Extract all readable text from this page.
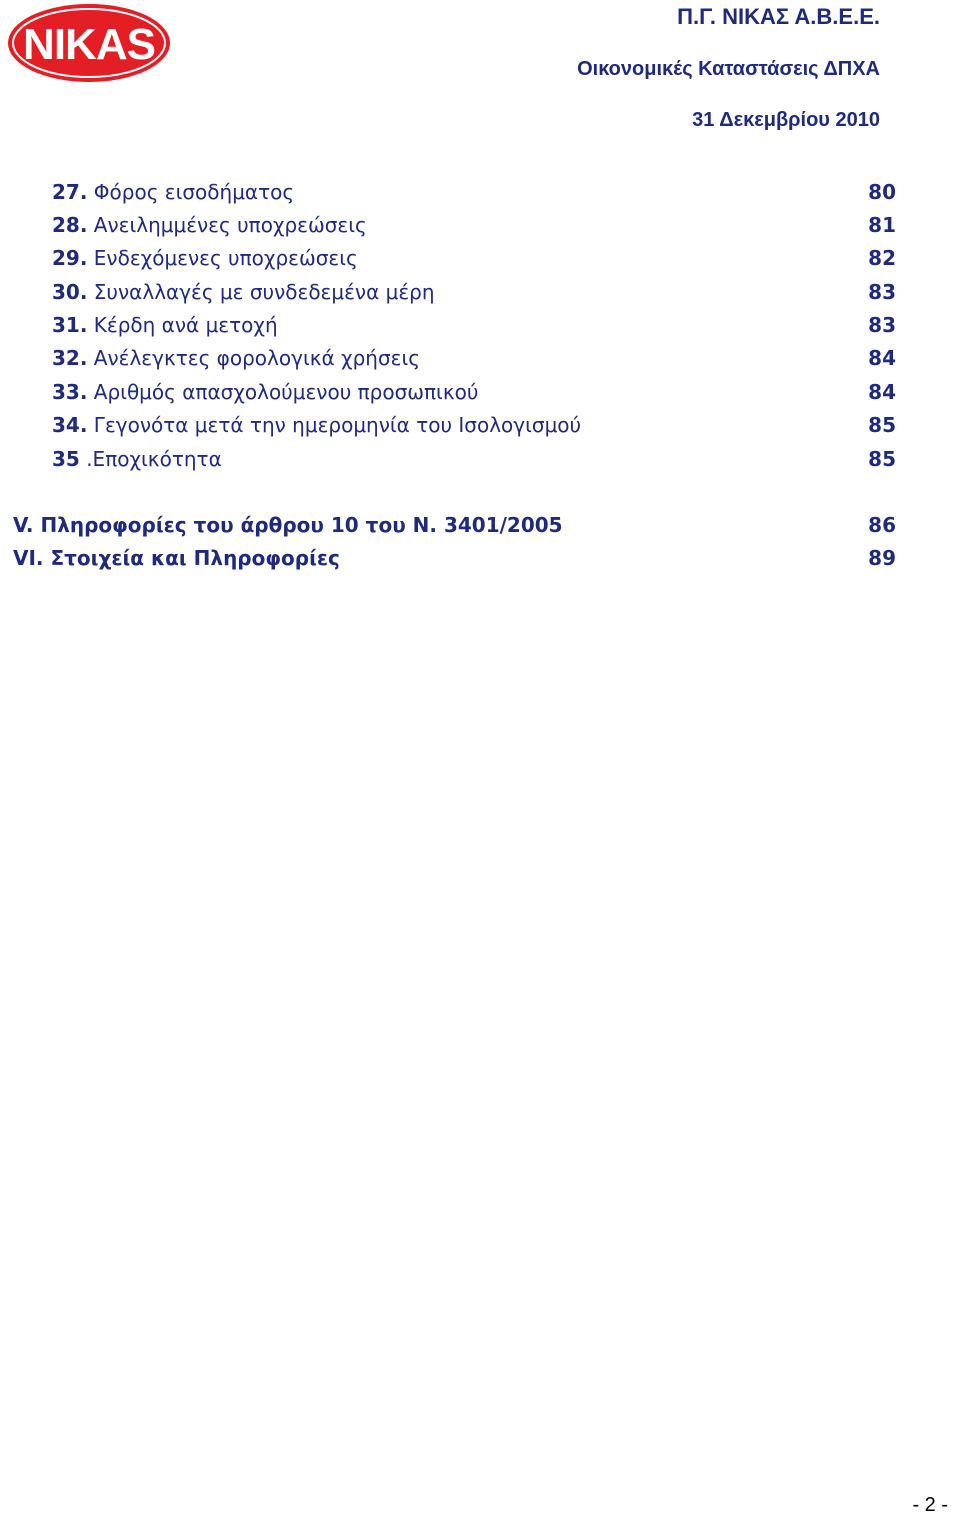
NIKAS
Π.Γ. ΝΙΚΑΣ Α.Β.Ε.Ε.
Οικονομικές Καταστάσεις ΔΠΧΑ
31 Δεκεμβρίου 2010
27. Φόρος εισοδήματος	80
28. Ανειλημμένες υποχρεώσεις	81
29. Ενδεχόμενες υποχρεώσεις	82
30. Συναλλαγές με συνδεδεμένα μέρη	83
31. Κέρδη ανά μετοχή	83
32. Ανέλεγκτες φορολογικά χρήσεις	84
33. Αριθμός απασχολούμενου προσωπικού	84
34. Γεγονότα μετά την ημερομηνία του Ισολογισμού	85
35 .Εποχικότητα	85
V. Πληροφορίες του άρθρου 10 του Ν. 3401/2005	86
VI. Στοιχεία και Πληροφορίες	89
- 2 -
